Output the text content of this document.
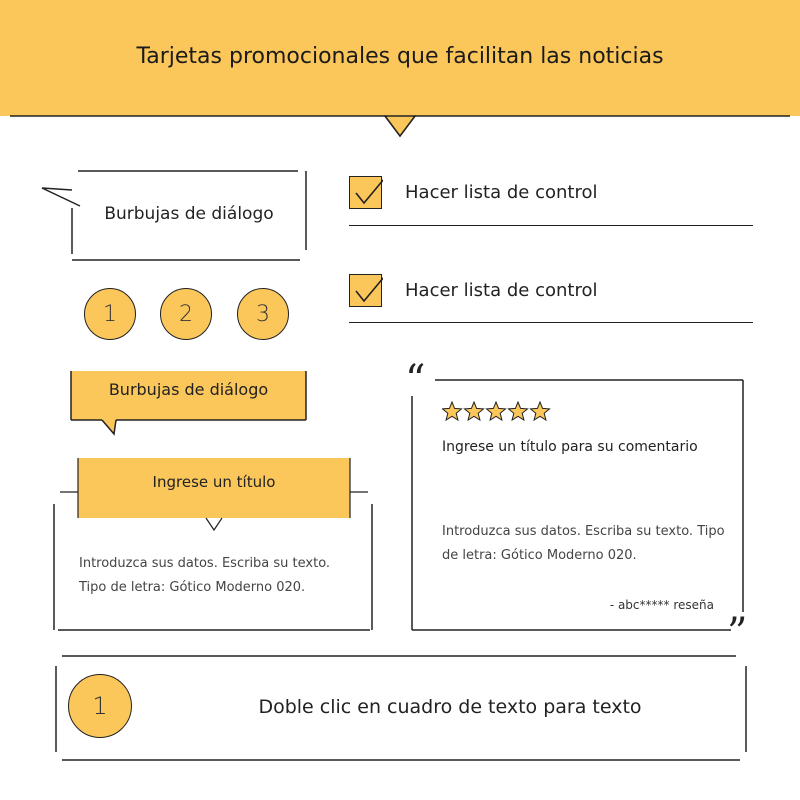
Tarjetas promocionales que facilitan las noticias
Burbujas de diálogo
1	2	3
Hacer lista de control
Hacer lista de control
Burbujas de diálogo
Ingrese un título
Introduzca sus datos. Escriba su texto. Tipo de letra: Gótico Moderno 020.
“
”
Ingrese un título para su comentario
Introduzca sus datos. Escriba su texto. Tipo de letra: Gótico Moderno 020.
- abc***** reseña
1	Doble clic en cuadro de texto para texto
